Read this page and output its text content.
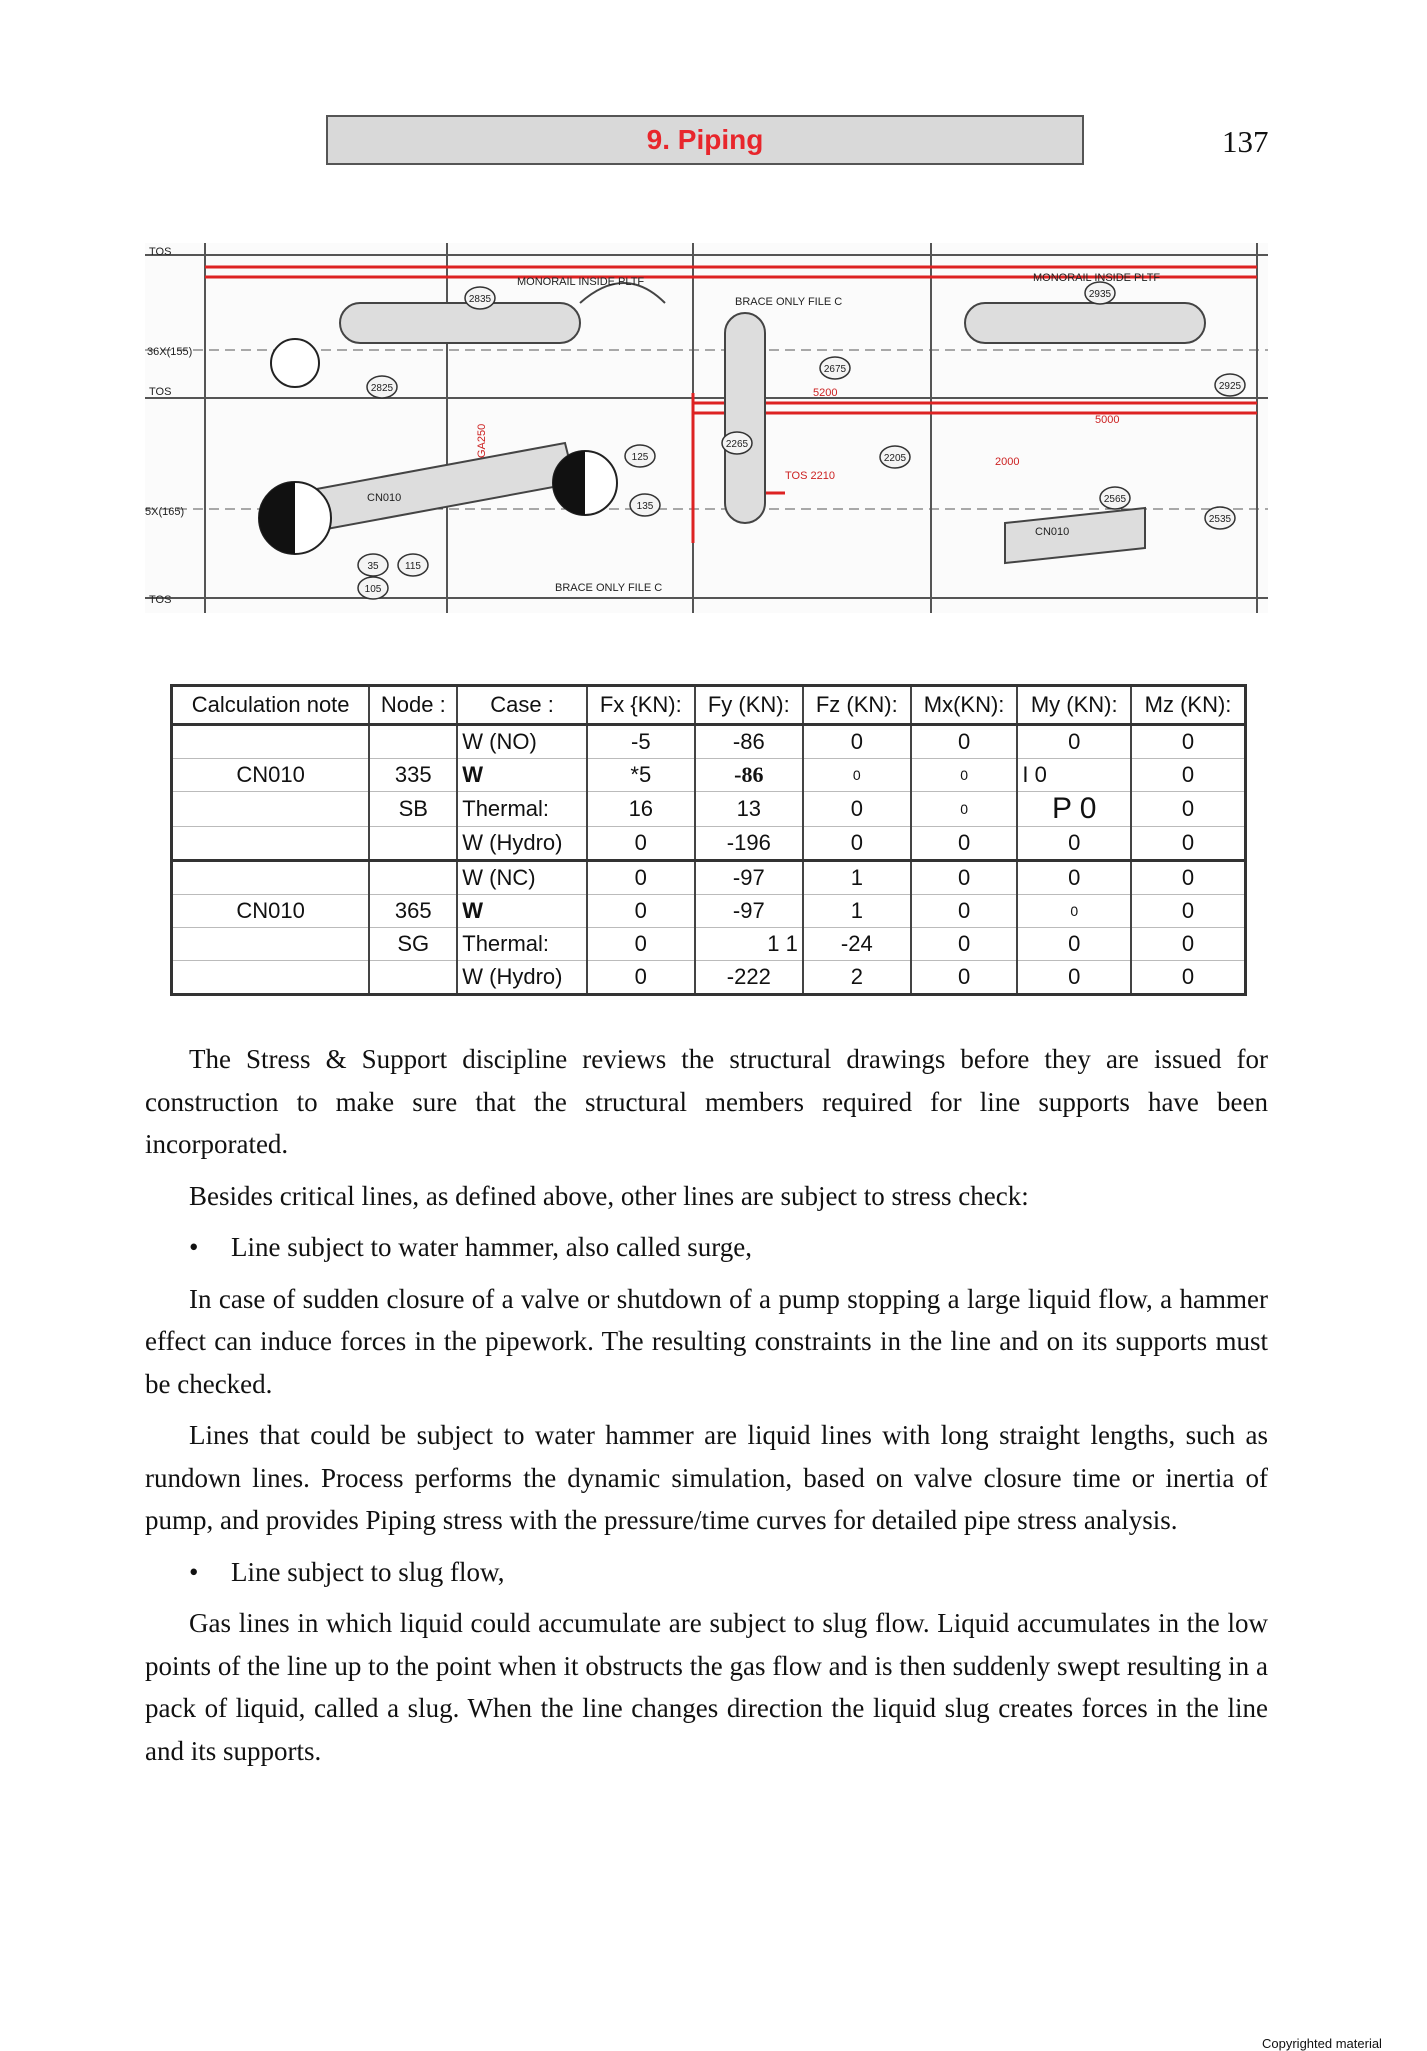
9. Piping	137
TOS
TOS
TOS
36X(155)
5X(165)
MONORAIL INSIDE PLTF	MONORAIL INSIDE PLTF
BRACE ONLY FILE C
BRACE ONLY FILE C
CN010
CN010
GA250
2835
2825
2935
2925
2675
2265
2205
2565
2535
125
135
35	115
105
5200
5000
2000
TOS 2210
Calculation note	Node :	Case :	Fx {KN):	Fy (KN):	Fz (KN):	Mx(KN):	My (KN):	Mz (KN):
		W (NO)	-5	-86	0	0	0	0
CN010	335	W	*5	-86	0	0	I 0	0
	SB	Thermal:	16	13	0	0	P 0	0
		W (Hydro)	0	-196	0	0	0	0
		W (NC)	0	-97	1	0	0	0
CN010	365	W	0	-97	1	0	0	0
	SG	Thermal:	0	1 1	-24	0	0	0
		W (Hydro)	0	-222	2	0	0	0

The Stress & Support discipline reviews the structural drawings before they are issued for construction to make sure that the structural members required for line supports have been incorporated.

Besides critical lines, as defined above, other lines are subject to stress check:

•	Line subject to water hammer, also called surge,

In case of sudden closure of a valve or shutdown of a pump stopping a large liquid flow, a hammer effect can induce forces in the pipework. The resulting constraints in the line and on its supports must be checked.

Lines that could be subject to water hammer are liquid lines with long straight lengths, such as rundown lines. Process performs the dynamic simulation, based on valve closure time or inertia of pump, and provides Piping stress with the pressure/time curves for detailed pipe stress analysis.

•	Line subject to slug flow,

Gas lines in which liquid could accumulate are subject to slug flow. Liquid accumulates in the low points of the line up to the point when it obstructs the gas flow and is then suddenly swept resulting in a pack of liquid, called a slug. When the line changes direction the liquid slug creates forces in the line and its supports.

Copyrighted material
